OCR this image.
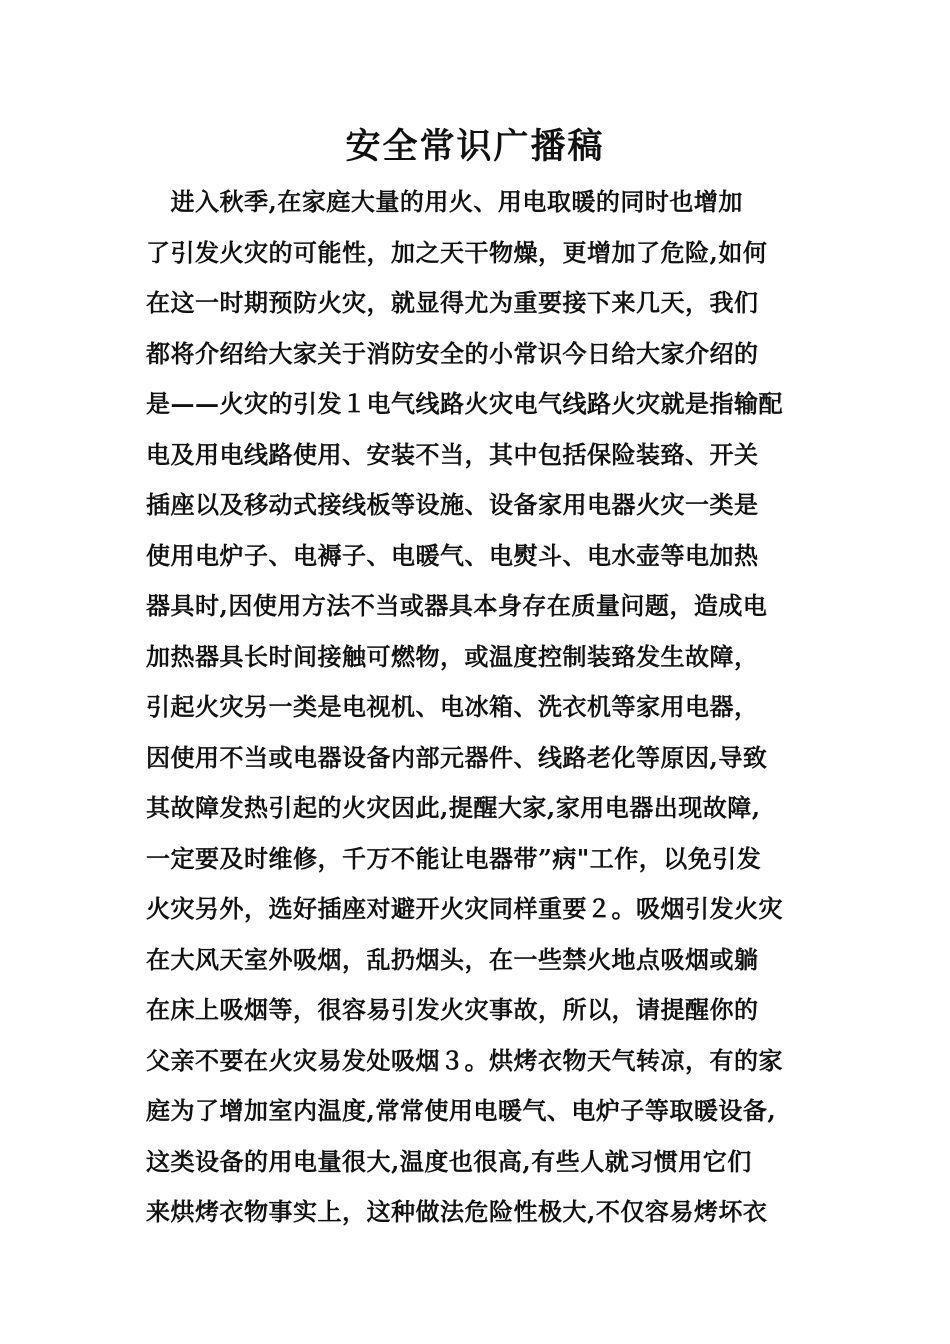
安全常识广播稿
　进入秋季,在家庭大量的用火、用电取暖的同时也增加
了引发火灾的可能性，加之天干物燥，更增加了危险,如何
在这一时期预防火灾，就显得尤为重要接下来几天，我们
都将介绍给大家关于消防安全的小常识今日给大家介绍的
是——火灾的引发１电气线路火灾电气线路火灾就是指输配
电及用电线路使用、安装不当，其中包括保险装臵、开关
插座以及移动式接线板等设施、设备家用电器火灾一类是
使用电炉子、电褥子、电暖气、电熨斗、电水壶等电加热
器具时,因使用方法不当或器具本身存在质量问题，造成电
加热器具长时间接触可燃物，或温度控制装臵发生故障，
引起火灾另一类是电视机、电冰箱、洗衣机等家用电器，
因使用不当或电器设备内部元器件、线路老化等原因,导致
其故障发热引起的火灾因此,提醒大家,家用电器出现故障,
一定要及时维修，千万不能让电器带”病"工作，以免引发
火灾另外，选好插座对避开火灾同样重要２。吸烟引发火灾
在大风天室外吸烟，乱扔烟头，在一些禁火地点吸烟或躺
在床上吸烟等，很容易引发火灾事故，所以，请提醒你的
父亲不要在火灾易发处吸烟３。烘烤衣物天气转凉，有的家
庭为了增加室内温度,常常使用电暖气、电炉子等取暖设备,
这类设备的用电量很大,温度也很高,有些人就习惯用它们
来烘烤衣物事实上，这种做法危险性极大,不仅容易烤坏衣
